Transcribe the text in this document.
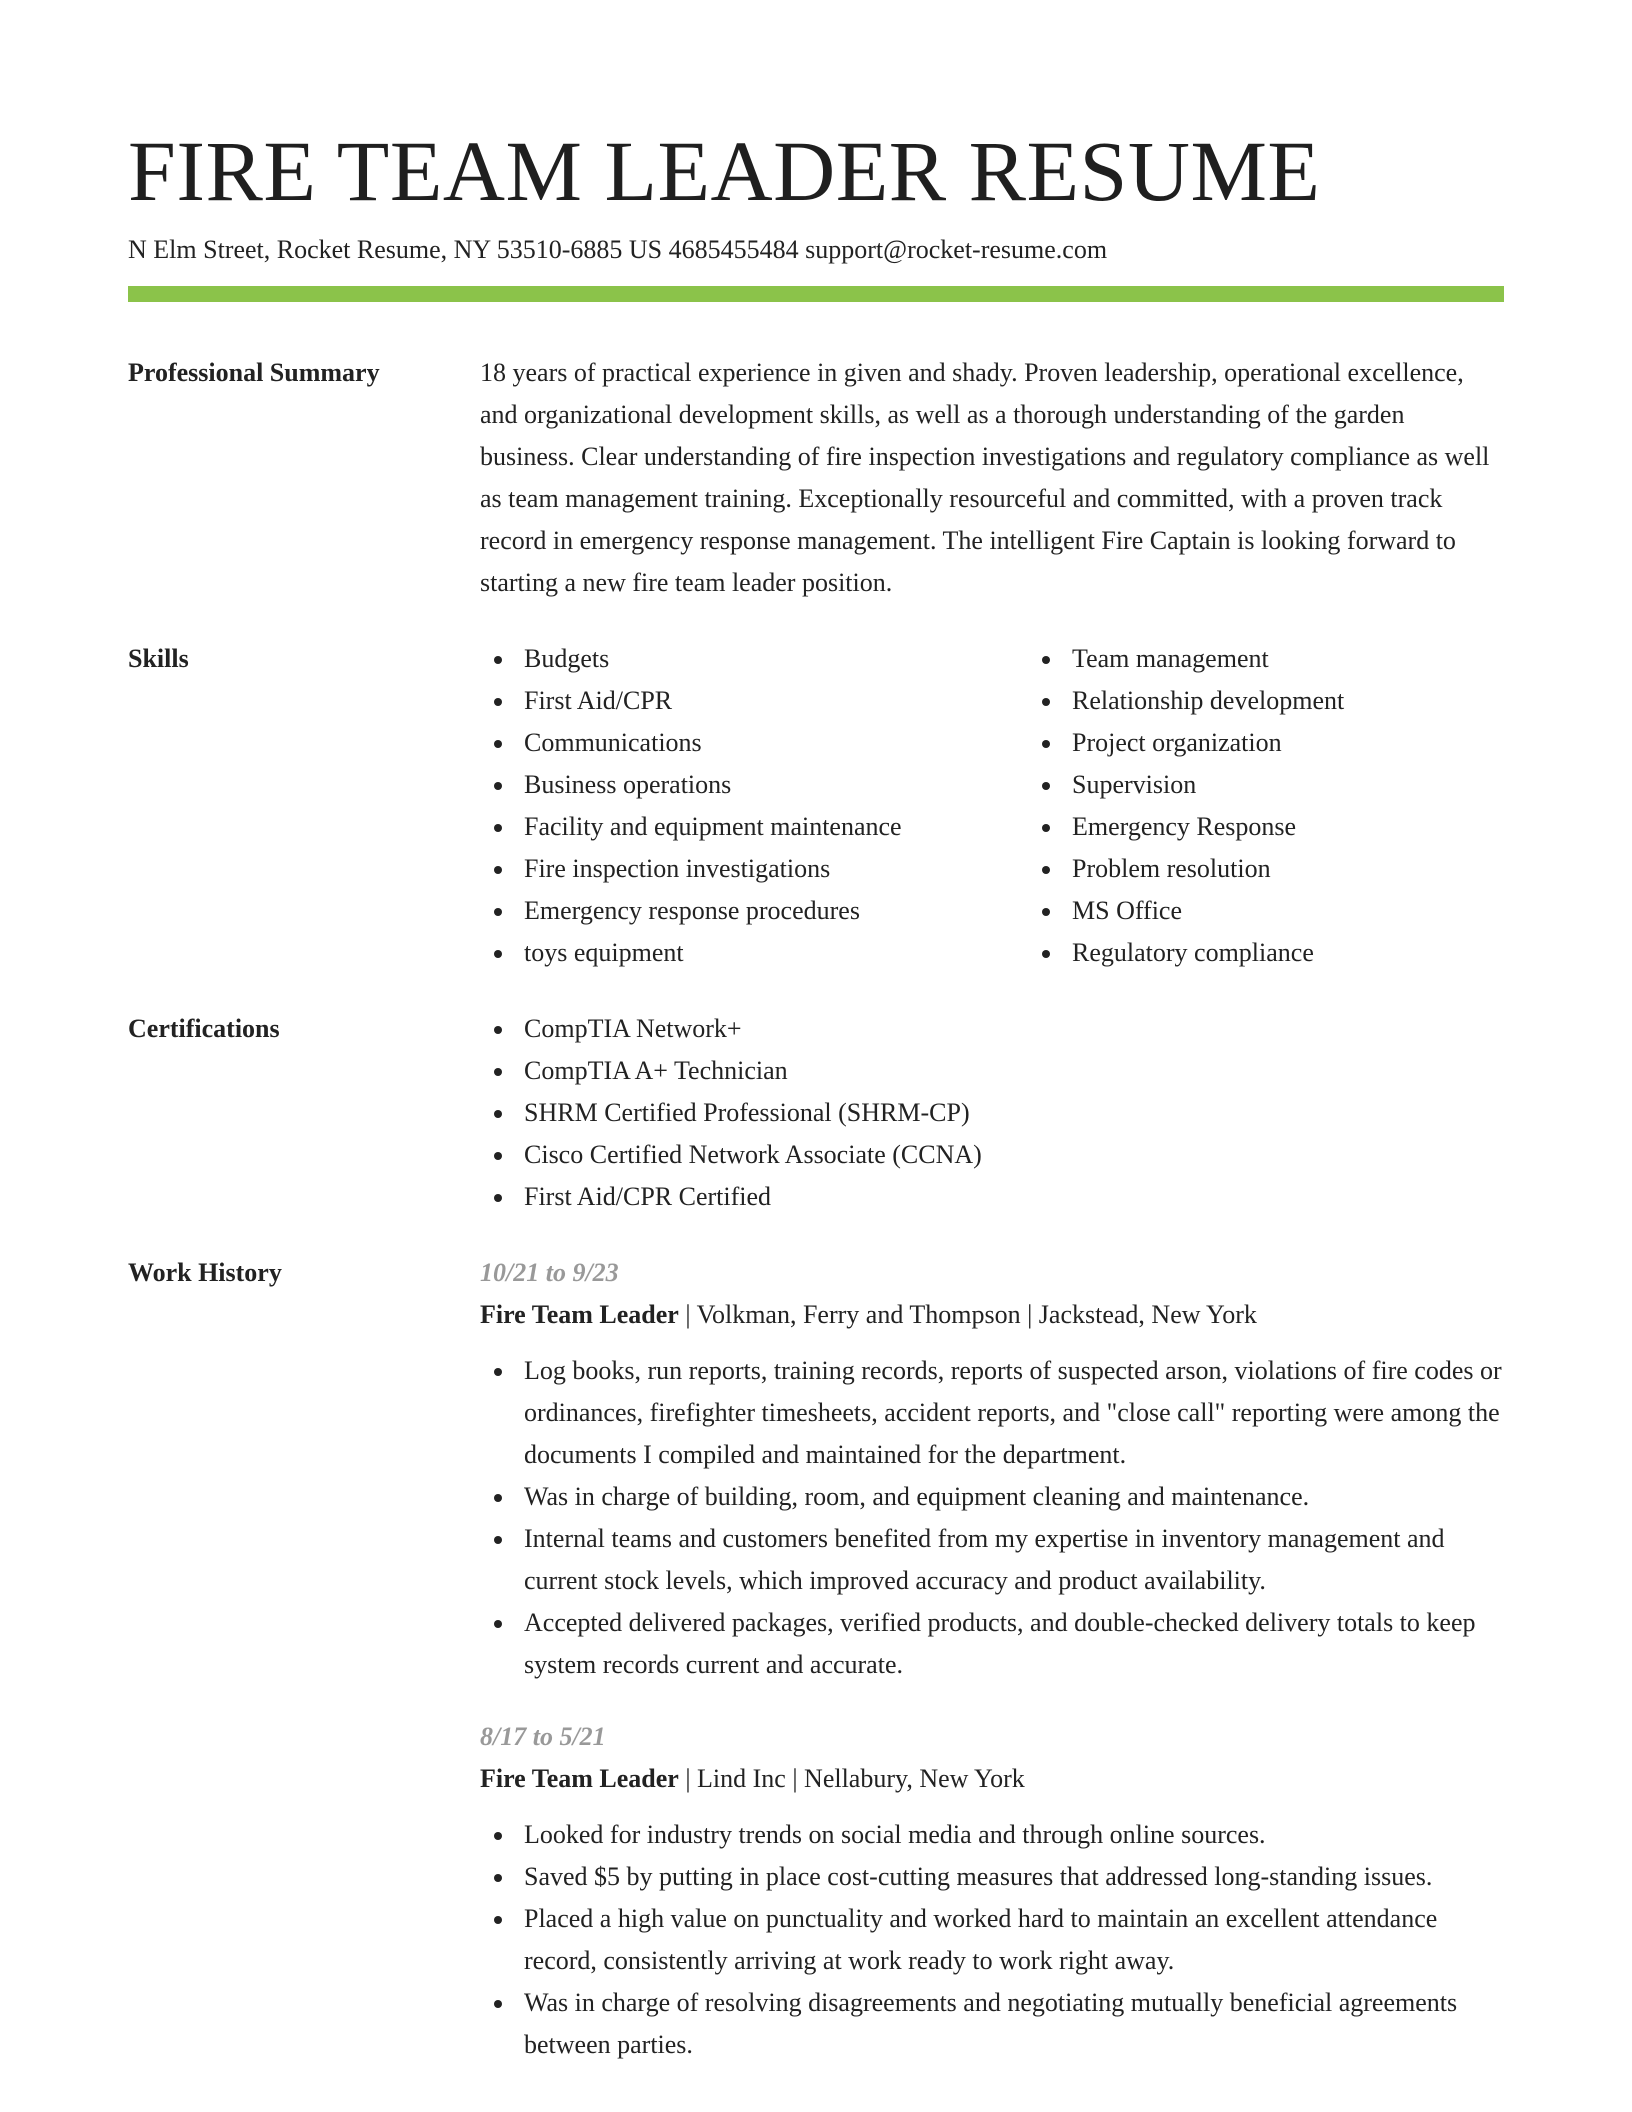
FIRE TEAM LEADER RESUME
N Elm Street, Rocket Resume, NY 53510-6885 US 4685455484 support@rocket-resume.com
Professional Summary	18 years of practical experience in given and shady. Proven leadership, operational excellence, and organizational development skills, as well as a thorough understanding of the garden business. Clear understanding of fire inspection investigations and regulatory compliance as well as team management training. Exceptionally resourceful and committed, with a proven track record in emergency response management. The intelligent Fire Captain is looking forward to starting a new fire team leader position.

Skills	Budgets
First Aid/CPR
Communications
Business operations
Facility and equipment maintenance
Fire inspection investigations
Emergency response procedures
toys equipment
Team management
Relationship development
Project organization
Supervision
Emergency Response
Problem resolution
MS Office
Regulatory compliance
Certifications	CompTIA Network+
CompTIA A+ Technician
SHRM Certified Professional (SHRM-CP)
Cisco Certified Network Associate (CCNA)
First Aid/CPR Certified
Work History	10/21 to 9/23

Fire Team Leader | Volkman, Ferry and Thompson | Jackstead, New York

Log books, run reports, training records, reports of suspected arson, violations of fire codes or ordinances, firefighter timesheets, accident reports, and "close call" reporting were among the documents I compiled and maintained for the department.
Was in charge of building, room, and equipment cleaning and maintenance.
Internal teams and customers benefited from my expertise in inventory management and current stock levels, which improved accuracy and product availability.
Accepted delivered packages, verified products, and double-checked delivery totals to keep system records current and accurate.

8/17 to 5/21

Fire Team Leader | Lind Inc | Nellabury, New York

Looked for industry trends on social media and through online sources.
Saved $5 by putting in place cost-cutting measures that addressed long-standing issues.
Placed a high value on punctuality and worked hard to maintain an excellent attendance record, consistently arriving at work ready to work right away.
Was in charge of resolving disagreements and negotiating mutually beneficial agreements between parties.
